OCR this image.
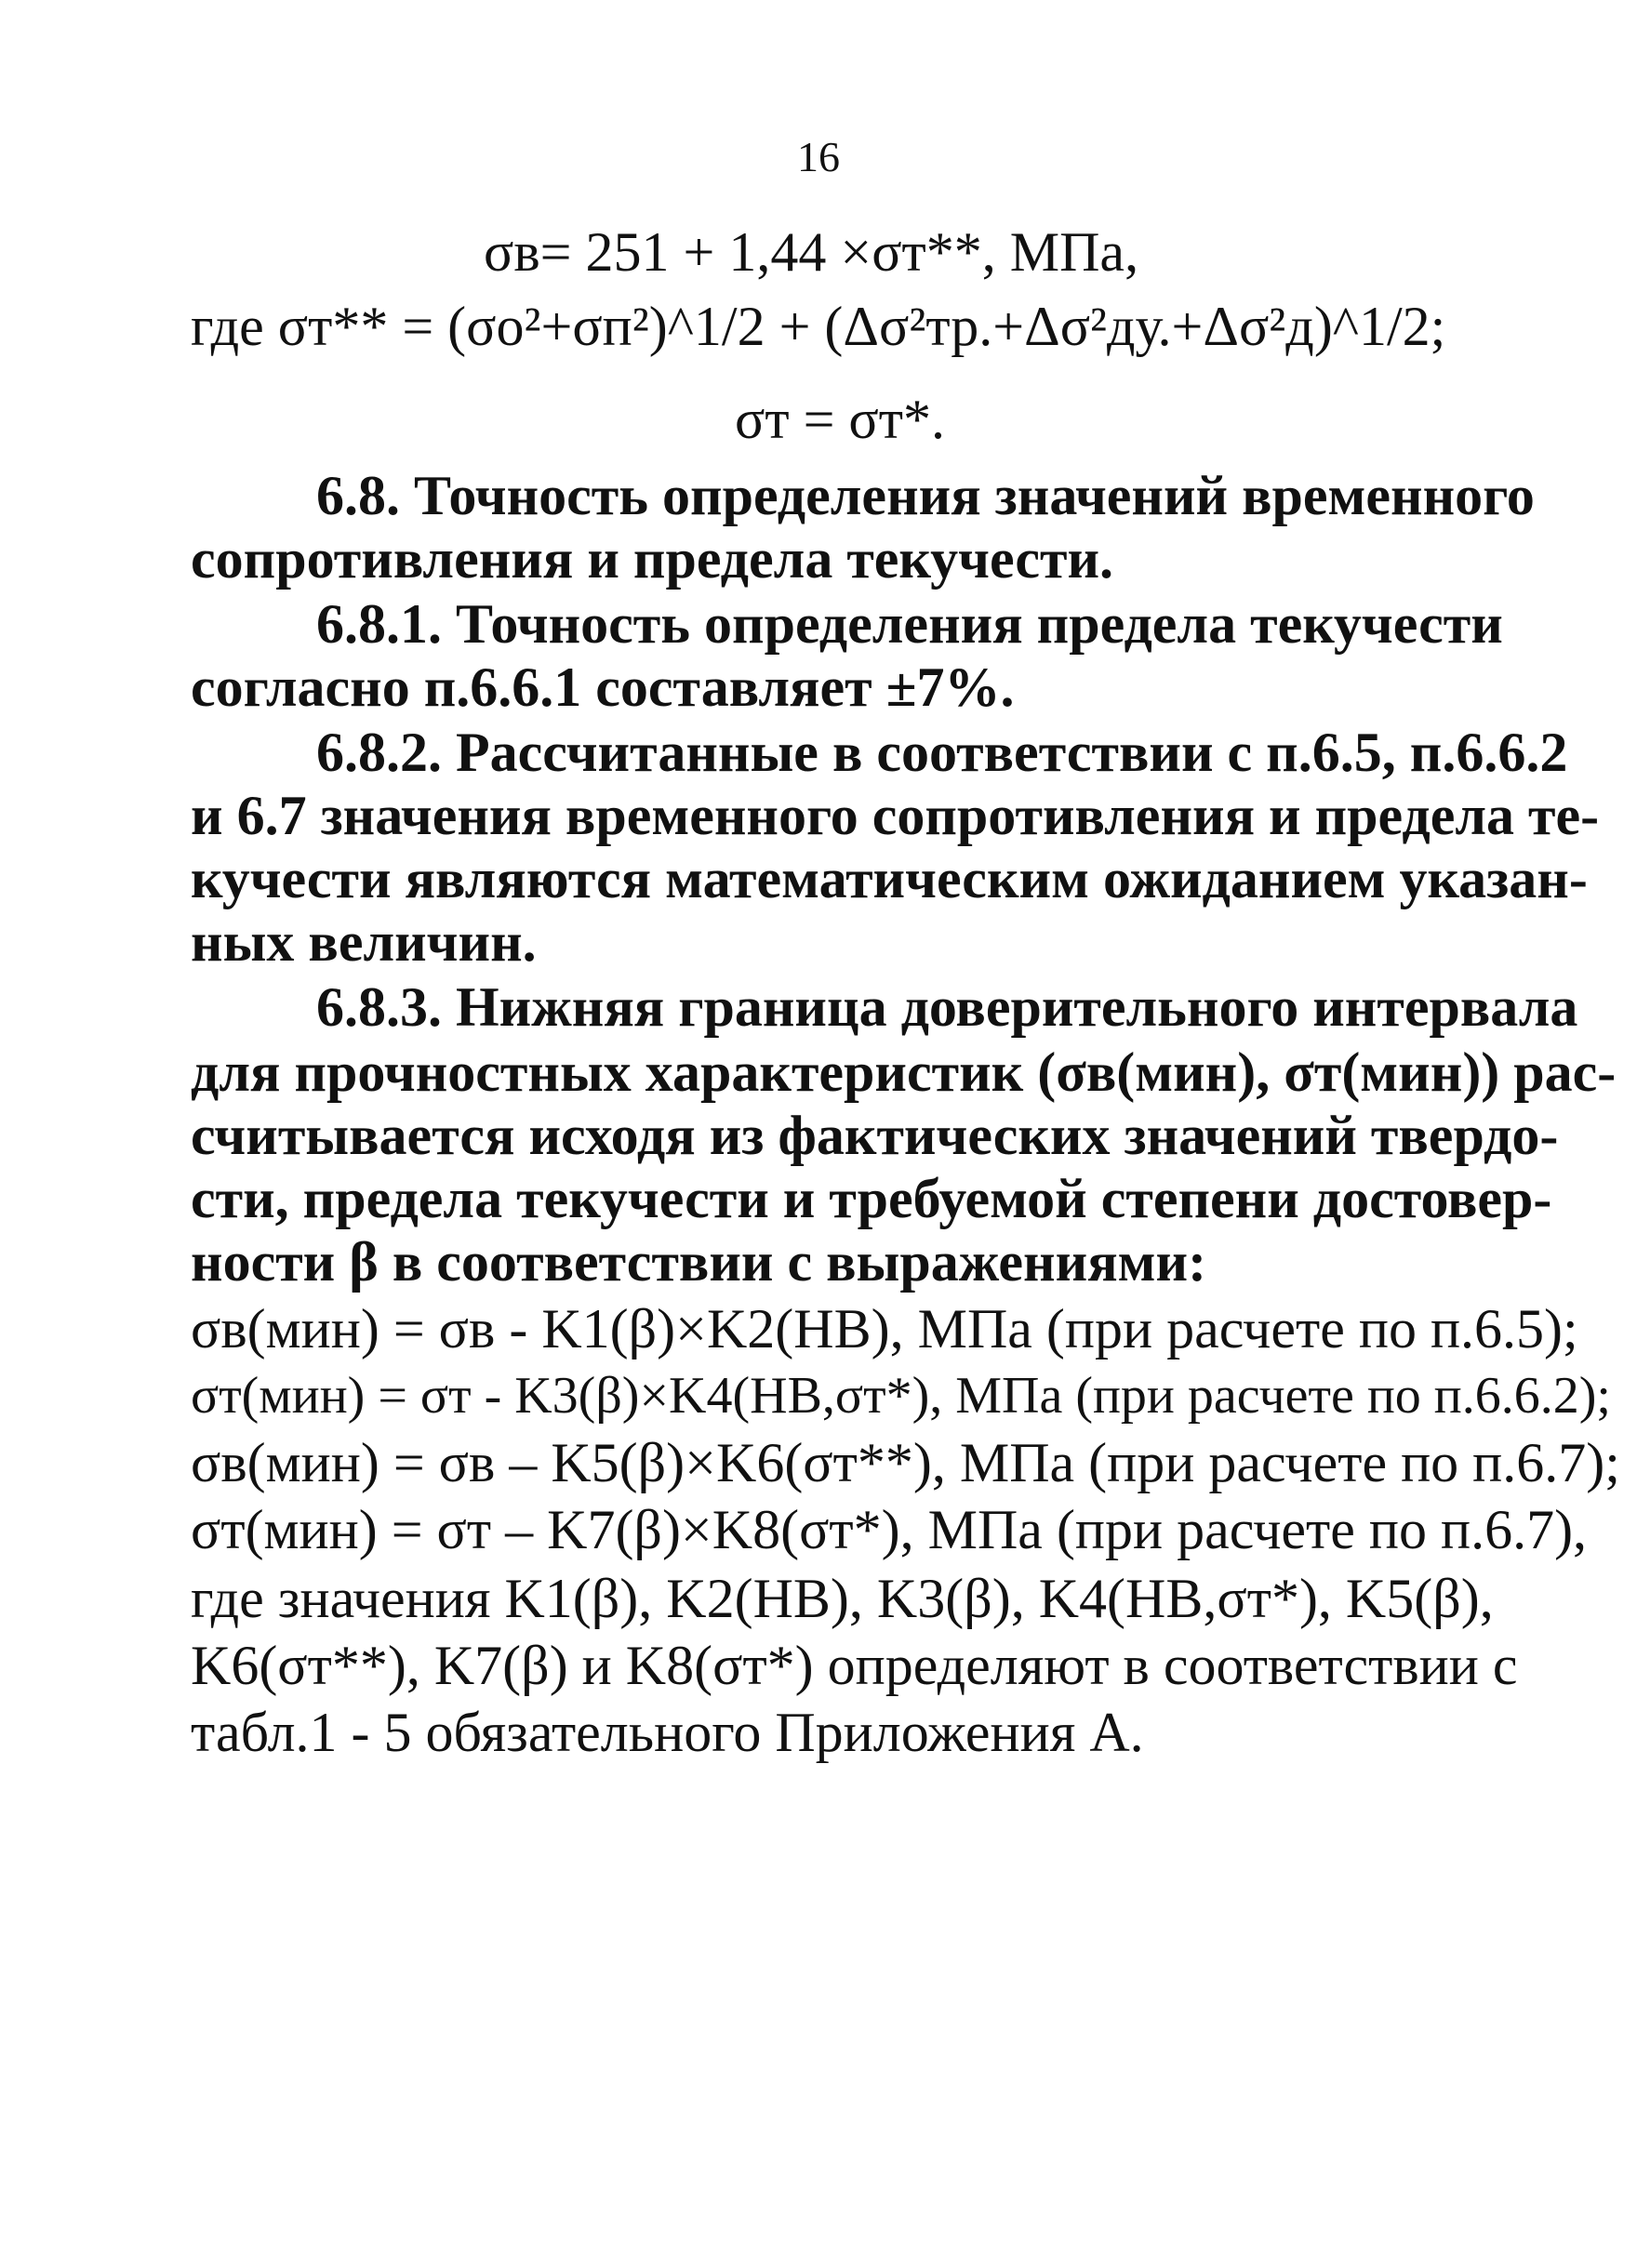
16
σв= 251 + 1,44 ×σт**, МПа,
где σт** = (σо²+σп²)^1/2 + (Δσ²тр.+Δσ²ду.+Δσ²д)^1/2;
σт = σт*.
6.8. Точность определения значений временного
сопротивления и предела текучести.
6.8.1. Точность определения предела текучести
согласно п.6.6.1 составляет ±7%.
6.8.2. Рассчитанные в соответствии с п.6.5, п.6.6.2
и 6.7 значения временного сопротивления и предела те-
кучести являются математическим ожиданием указан-
ных величин.
6.8.3. Нижняя граница доверительного интервала
для прочностных характеристик (σв(мин), σт(мин)) рас-
считывается исходя из фактических значений твердо-
сти, предела текучести и требуемой степени достовер-
ности β в соответствии с выражениями:
σв(мин) = σв - K1(β)×K2(HB), МПа (при расчете по п.6.5);
σт(мин) = σт - K3(β)×K4(HB,σт*), МПа (при расчете по п.6.6.2);
σв(мин) = σв – K5(β)×K6(σт**), МПа (при расчете по п.6.7);
σт(мин) = σт – K7(β)×K8(σт*), МПа (при расчете по п.6.7),
где значения K1(β), K2(HB), K3(β), K4(HB,σт*), K5(β),
K6(σт**), K7(β) и K8(σт*) определяют в соответствии с
табл.1 - 5 обязательного Приложения А.
